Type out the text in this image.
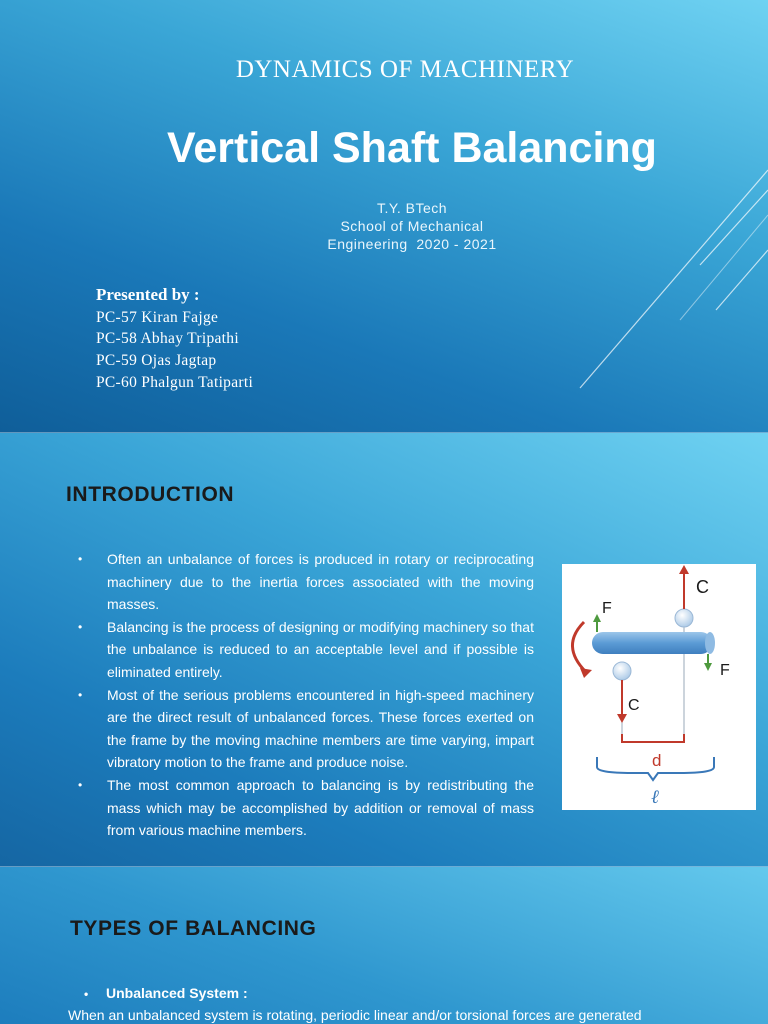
DYNAMICS OF MACHINERY
Vertical Shaft Balancing
T.Y. BTech
School of Mechanical
Engineering  2020 - 2021
Presented by :
PC-57 Kiran Fajge
PC-58 Abhay Tripathi
PC-59 Ojas Jagtap
PC-60 Phalgun Tatiparti
INTRODUCTION
• Often an unbalance of forces is produced in rotary or reciprocating machinery due to the inertia forces associated with the moving masses.
• Balancing is the process of designing or modifying machinery so that the unbalance is reduced to an acceptable level and if possible is eliminated entirely.
• Most of the serious problems encountered in high-speed machinery are the direct result of unbalanced forces. These forces exerted on the frame by the moving machine members are time varying, impart vibratory motion to the frame and produce noise.
• The most common approach to balancing is by redistributing the mass which may be accomplished by addition or removal of mass from various machine members.
C
F
F
C
d
ℓ
TYPES OF BALANCING
• Unbalanced System :
When an unbalanced system is rotating, periodic linear and/or torsional forces are generated
